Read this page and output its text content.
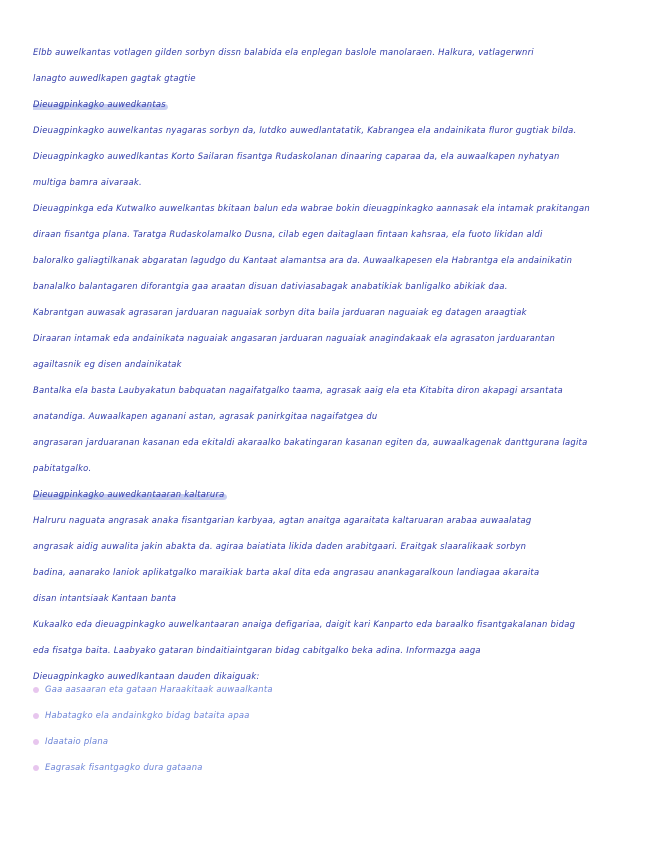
Elbb auwelkantas votlagen gilden sorbyn dissn balabida ela enplegan baslole manolaraen. Halkura, vatlagerwnri
lanagto auwedlkapen gagtak gtagtie
Dieuagpinkagko auwedkantas
Dieuagpinkagko auwelkantas nyagaras sorbyn da, lutdko auwedlantatatik, Kabrangea ela andainikata fluror gugtiak bilda.
Dieuagpinkagko auwedlkantas Korto Sailaran fisantga Rudaskolanan dinaaring caparaa da, ela auwaalkapen nyhatyan
multiga bamra aivaraak.
Dieuagpinkga eda Kutwalko auwelkantas bkitaan balun eda wabrae bokin dieuagpinkagko aannasak ela intamak prakitangan
diraan fisantga plana. Taratga Rudaskolamalko Dusna, cilab egen daitaglaan fintaan kahsraa, ela fuoto likidan aldi
baloralko galiagtilkanak abgaratan lagudgo du Kantaat alamantsa ara da. Auwaalkapesen ela Habrantga ela andainikatin
banalalko balantagaren diforantgia gaa araatan disuan dativiasabagak anabatikiak banligalko abikiak daa.
Kabrantgan auwasak agrasaran jarduaran naguaiak sorbyn dita baila jarduaran naguaiak eg datagen araagtiak
Diraaran intamak eda andainikata naguaiak angasaran jarduaran naguaiak anagindakaak ela agrasaton jarduarantan
agailtasnik eg disen andainikatak
Bantalka ela basta Laubyakatun babquatan nagaifatgalko taama, agrasak aaig ela eta Kitabita diron akapagi arsantata
anatandiga. Auwaalkapen aganani astan, agrasak panirkgitaa nagaifatgea du
angrasaran jarduaranan kasanan eda ekitaldi akaraalko bakatingaran kasanan egiten da, auwaalkagenak danttgurana lagita
pabitatgalko.
Dieuagpinkagko auwedkantaaran kaltarura
Halruru naguata angrasak anaka fisantgarian karbyaa, agtan anaitga agaraitata kaltaruaran arabaa auwaalatag
angrasak aidig auwalita jakin abakta da. agiraa baiatiata likida daden arabitgaari. Eraitgak slaaralikaak sorbyn
badina, aanarako laniok aplikatgalko maraikiak barta akal dita eda angrasau anankagaralkoun landiagaa akaraita
disan intantsiaak Kantaan banta
Kukaalko eda dieuagpinkagko auwelkantaaran anaiga defigariaa, daigit kari Kanparto eda baraalko fisantgakalanan bidag
eda fisatga baita. Laabyako gataran bindaitiaintgaran bidag cabitgalko beka adina. Informazga aaga
Dieuagpinkagko auwedlkantaan dauden dikaiguak:
Gaa aasaaran eta gataan Haraakitaak auwaalkanta
Habatagko ela andainkgko bidag bataita apaa
Idaataio plana
Eagrasak fisantgagko dura gataana
